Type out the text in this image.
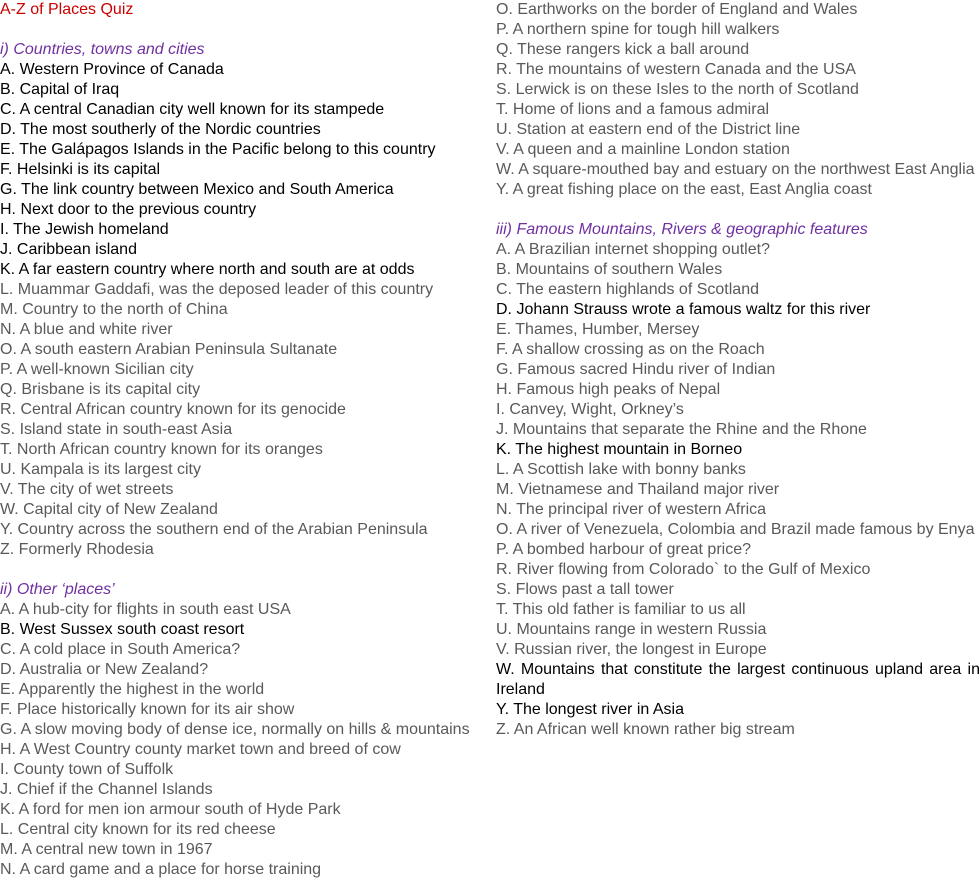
A-Z of Places Quiz
i) Countries, towns and cities
A. Western Province of Canada
B. Capital of Iraq
C. A central Canadian city well known for its stampede
D. The most southerly of the Nordic countries
E. The Galápagos Islands in the Pacific belong to this country
F. Helsinki is its capital
G. The link country between Mexico and South America
H. Next door to the previous country
I. The Jewish homeland
J. Caribbean island
K. A far eastern country where north and south are at odds
L. Muammar Gaddafi, was the deposed leader of this country
M. Country to the north of China
N. A blue and white river
O. A south eastern Arabian Peninsula Sultanate
P. A well-known Sicilian city
Q. Brisbane is its capital city
R. Central African country known for its genocide
S. Island state in south-east Asia
T. North African country known for its oranges
U. Kampala is its largest city
V. The city of wet streets
W. Capital city of New Zealand
Y. Country across the southern end of the Arabian Peninsula
Z. Formerly Rhodesia
ii) Other ‘places’
A. A hub-city for flights in south east USA
B. West Sussex south coast resort
C. A cold place in South America?
D. Australia or New Zealand?
E. Apparently the highest in the world
F. Place historically known for its air show
G. A slow moving body of dense ice, normally on hills & mountains
H. A West Country county market town and breed of cow
I. County town of Suffolk
J. Chief if the Channel Islands
K. A ford for men ion armour south of Hyde Park
L. Central city known for its red cheese
M. A central new town in 1967
N. A card game and a place for horse training
O. Earthworks on the border of England and Wales
P. A northern spine for tough hill walkers
Q. These rangers kick a ball around
R. The mountains of western Canada and the USA
S. Lerwick is on these Isles to the north of Scotland
T. Home of lions and a famous admiral
U. Station at eastern end of the District line
V. A queen and a mainline London station
W. A square-mouthed bay and estuary on the northwest East Anglia
Y. A great fishing place on the east, East Anglia coast
iii) Famous Mountains, Rivers & geographic features
A. A Brazilian internet shopping outlet?
B. Mountains of southern Wales
C. The eastern highlands of Scotland
D. Johann Strauss wrote a famous waltz for this river
E. Thames, Humber, Mersey
F. A shallow crossing as on the Roach
G. Famous sacred Hindu river of Indian
H. Famous high peaks of Nepal
I. Canvey, Wight, Orkney’s
J. Mountains that separate the Rhine and the Rhone
K. The highest mountain in Borneo
L. A Scottish lake with bonny banks
M. Vietnamese and Thailand major river
N. The principal river of western Africa
O. A river of Venezuela, Colombia and Brazil made famous by Enya
P. A bombed harbour of great price?
R. River flowing from Colorado` to the Gulf of Mexico
S. Flows past a tall tower
T. This old father is familiar to us all
U. Mountains range in western Russia
V. Russian river, the longest in Europe
W. Mountains that constitute the largest continuous upland area in Ireland
Y. The longest river in Asia
Z. An African well known rather big stream
